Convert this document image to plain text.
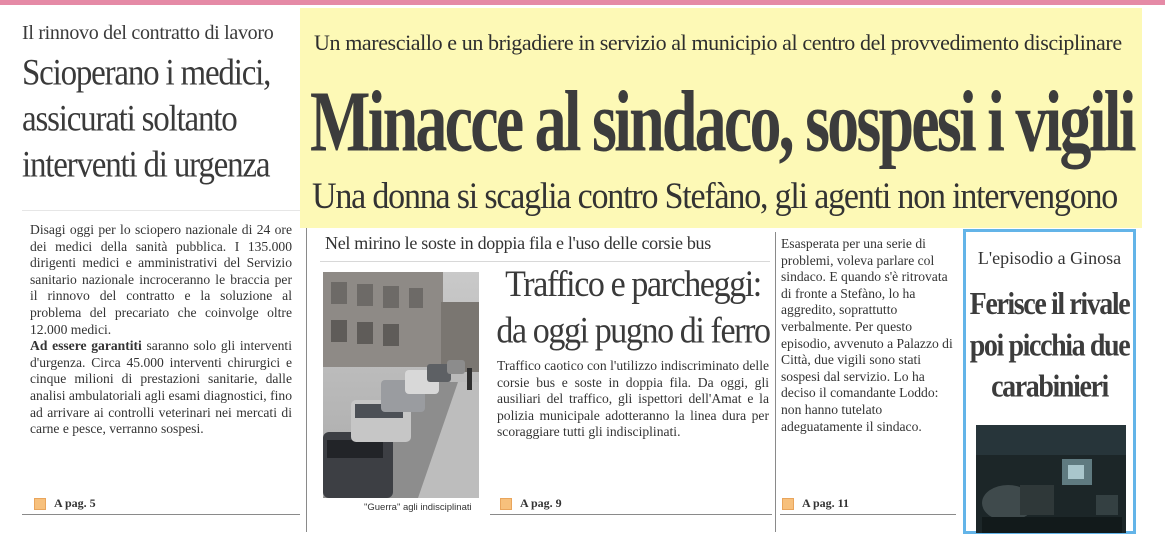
Il rinnovo del contratto di lavoro
Scioperano i medici, assicurati soltanto interventi di urgenza
Disagi oggi per lo sciopero nazionale di 24 ore dei medici della sanità pubblica. I 135.000 dirigenti medici e amministrativi del Servizio sanitario nazionale incroceranno le braccia per il rinnovo del contratto e la soluzione al problema del precariato che coinvolge oltre 12.000 medici.
Ad essere garantiti saranno solo gli interventi d'urgenza. Circa 45.000 interventi chirurgici e cinque milioni di prestazioni sanitarie, dalle analisi ambulatoriali agli esami diagnostici, fino ad arrivare ai controlli veterinari nei mercati di carne e pesce, verranno sospesi.
A pag. 5
Un maresciallo e un brigadiere in servizio al municipio al centro del provvedimento disciplinare
Minacce al sindaco, sospesi i vigili
Una donna si scaglia contro Stefàno, gli agenti non intervengono
Nel mirino le soste in doppia fila e l'uso delle corsie bus
"Guerra" agli indisciplinati
Traffico e parcheggi: da oggi pugno di ferro
Traffico caotico con l'utilizzo indiscriminato delle corsie bus e soste in doppia fila. Da oggi, gli ausiliari del traffico, gli ispettori dell'Amat e la polizia municipale adotteranno la linea dura per scoraggiare tutti gli indisciplinati.
A pag. 9
Esasperata per una serie di problemi, voleva parlare col sindaco. E quando s'è ritrovata di fronte a Stefàno, lo ha aggredito, soprattutto verbalmente. Per questo episodio, avvenuto a Palazzo di Città, due vigili sono stati sospesi dal servizio. Lo ha deciso il comandante Loddo: non hanno tutelato adeguatamente il sindaco.
A pag. 11
L'episodio a Ginosa
Ferisce il rivale poi picchia due carabinieri
